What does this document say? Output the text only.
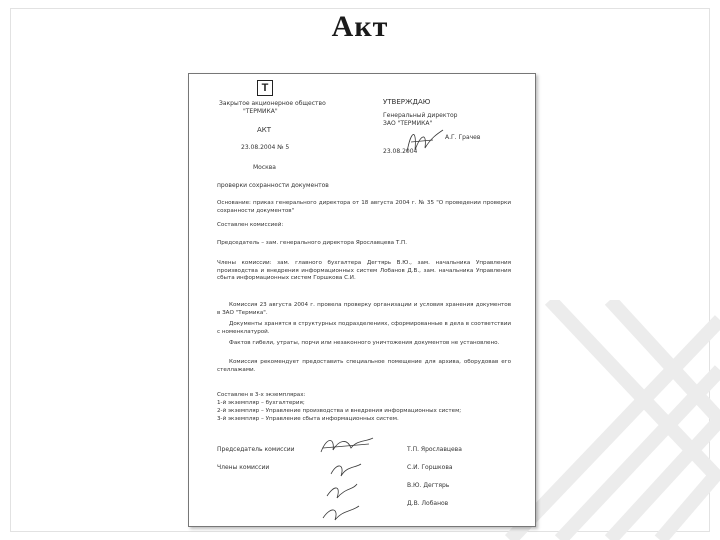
Акт
Т
Закрытое акционерное общество
"ТЕРМИКА"
АКТ
23.08.2004 № 5
Москва
УТВЕРЖДАЮ
Генеральный директор
ЗАО "ТЕРМИКА"
А.Г. Грачев
23.08.2004
проверки сохранности документов
Основание: приказ генерального директора от 18 августа 2004 г. № 35 "О проведении проверки сохранности документов"
Составлен комиссией:
Председатель – зам. генерального директора Ярославцева Т.П.
Члены комиссии: зам. главного бухгалтера Дегтярь В.Ю., зам. начальника Управления производства и внедрения информационных систем Лобанов Д.В., зам. начальника Управления сбыта информационных систем Горшкова С.И.
Комиссия 23 августа 2004 г. провела проверку организации и условия хранения документов в ЗАО "Термика".
Документы хранятся в структурных подразделениях, сформированные в дела в соответствии с номенклатурой.
Фактов гибели, утраты, порчи или незаконного уничтожения документов не установлено.
Комиссия рекомендует предоставить специальное помещение для архива, оборудовав его стеллажами.
Составлен в 3-х экземплярах:
1-й экземпляр – бухгалтерия;
2-й экземпляр – Управление производства и внедрения информационных систем;
3-й экземпляр – Управление сбыта информационных систем.
Председатель комиссии	Т.П. Ярославцева
Члены комиссии	С.И. Горшкова
В.Ю. Дегтярь
Д.В. Лобанов
